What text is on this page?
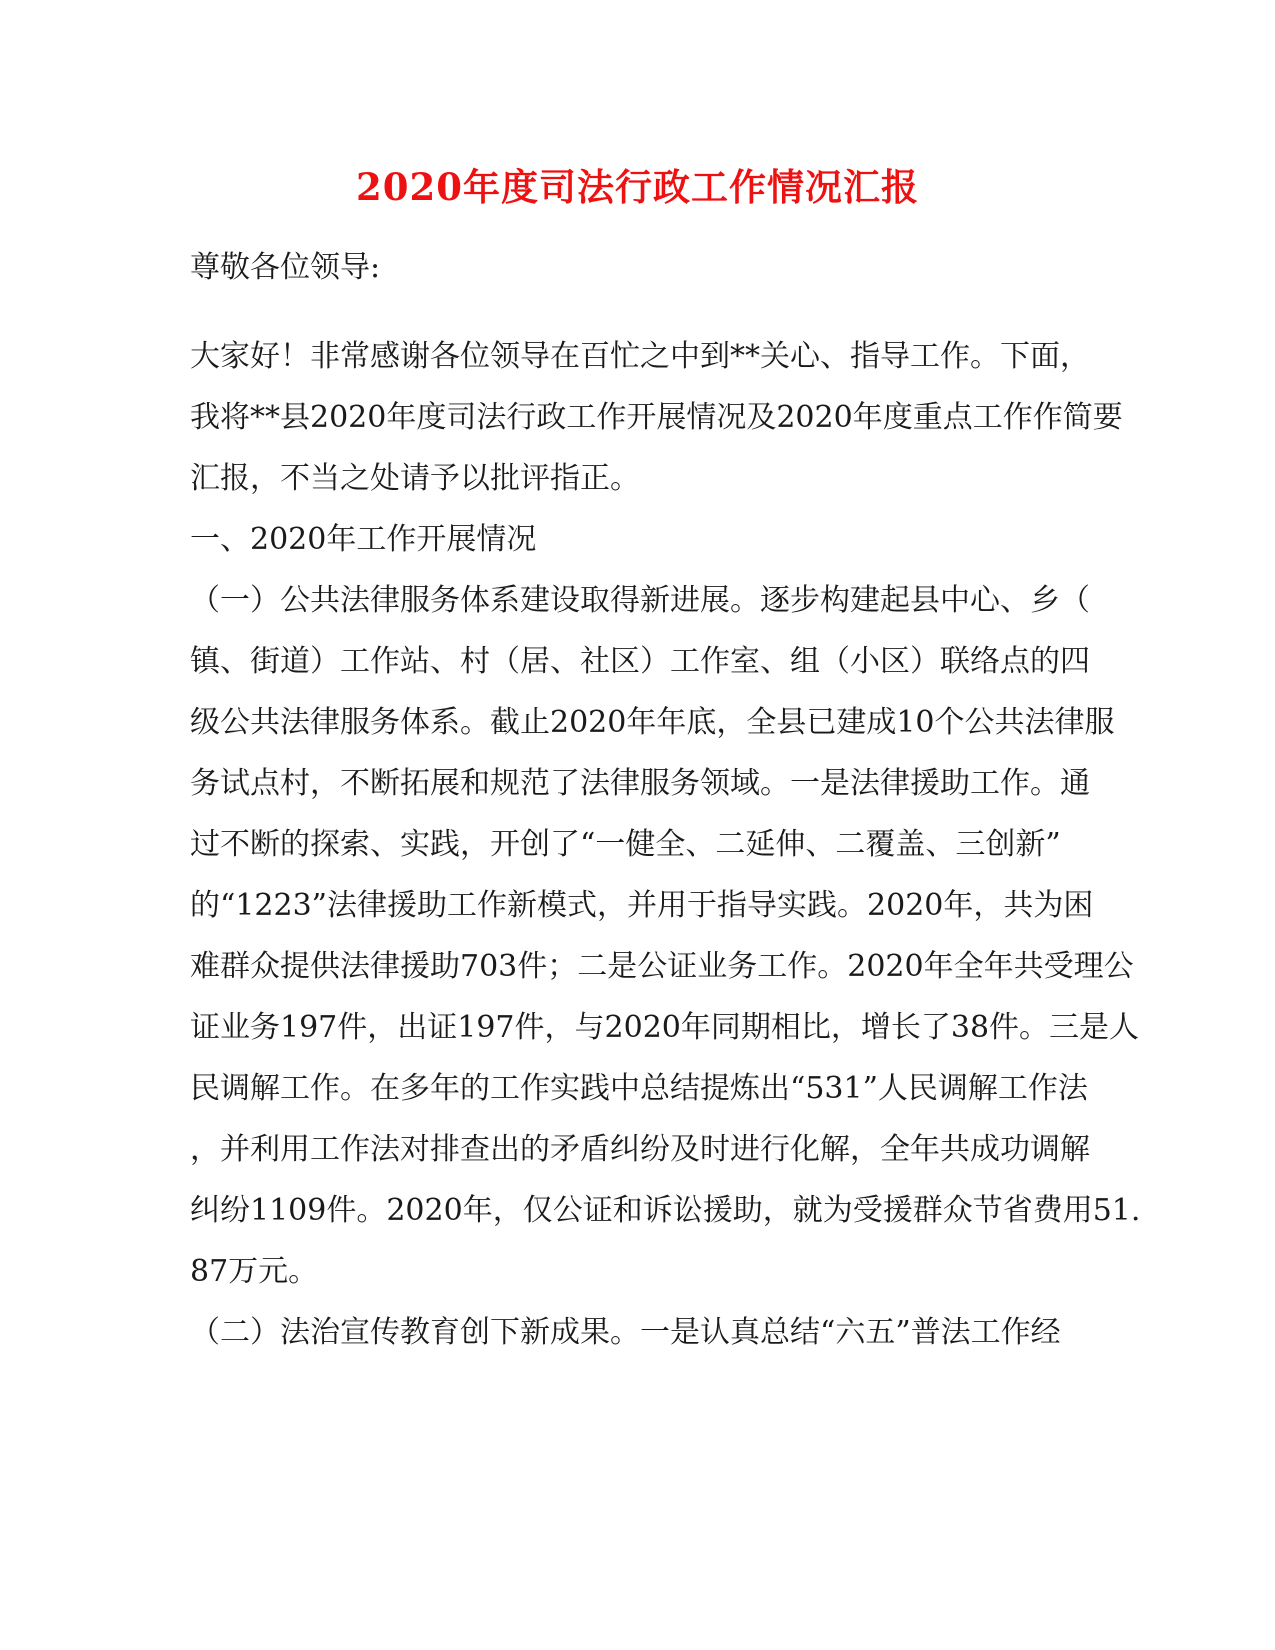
2020年度司法行政工作情况汇报
尊敬各位领导:
大家好！非常感谢各位领导在百忙之中到**关心、指导工作。下面，
我将**县2020年度司法行政工作开展情况及2020年度重点工作作简要
汇报，不当之处请予以批评指正。
一、2020年工作开展情况
（一）公共法律服务体系建设取得新进展。逐步构建起县中心、乡（
镇、街道）工作站、村（居、社区）工作室、组（小区）联络点的四
级公共法律服务体系。截止2020年年底，全县已建成10个公共法律服
务试点村，不断拓展和规范了法律服务领域。一是法律援助工作。通
过不断的探索、实践，开创了“一健全、二延伸、二覆盖、三创新”
的“1223”法律援助工作新模式，并用于指导实践。2020年，共为困
难群众提供法律援助703件；二是公证业务工作。2020年全年共受理公
证业务197件，出证197件，与2020年同期相比，增长了38件。三是人
民调解工作。在多年的工作实践中总结提炼出“531”人民调解工作法
，并利用工作法对排查出的矛盾纠纷及时进行化解，全年共成功调解
纠纷1109件。2020年，仅公证和诉讼援助，就为受援群众节省费用51.
87万元。
（二）法治宣传教育创下新成果。一是认真总结“六五”普法工作经
